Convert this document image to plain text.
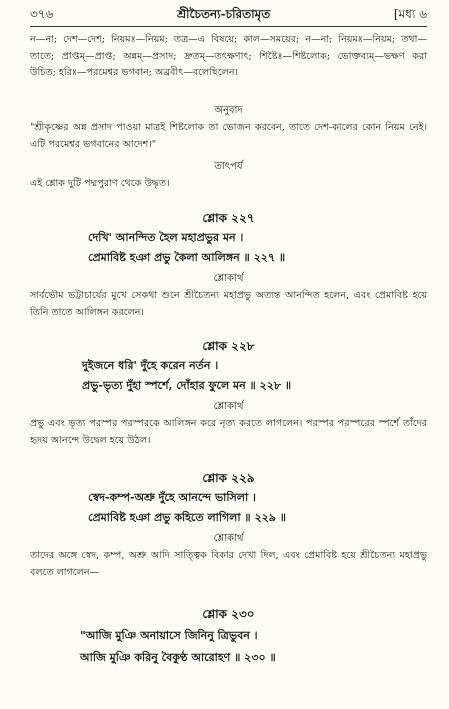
৩৭৬	শ্রীচৈতন্য-চরিতামৃত	[মধ্য ৬
ন—না; দেশ—দেশ; নিয়মঃ—নিয়ম; তত্র—এ বিষয়ে; কাল—সময়ের; ন—না; নিয়মঃ—নিয়ম; তথা—তাতে; প্রাপ্তম্—প্রাপ্ত; অন্নম্—প্রসাদ; দ্রুতম্—তৎক্ষণাৎ; শিষ্টৈঃ—শিষ্টলোক; ভোক্তব্যম্—ভক্ষণ করা উচিত; হরিঃ—পরমেশ্বর ভগবান; অব্রবীৎ—বলেছিলেন।
অনুবাদ
"শ্রীকৃষ্ণের অন্ন প্রসাদ পাওয়া মাত্রই শিষ্টলোক তা ভোজন করবেন, তাতে দেশ-কালের কোন নিয়ম নেই। এটি পরমেশ্বর ভগবানের আদেশ।"
তাৎপর্য
এই শ্লোক দুটি পদ্মপুরাণ থেকে উদ্ধৃত।
শ্লোক ২২৭
দেখি' আনন্দিত হৈল মহাপ্রভুর মন ।
প্রেমাবিষ্ট হঞা প্রভু কৈলা আলিঙ্গন ॥ ২২৭ ॥
শ্লোকার্থ
সার্বভৌম ভট্টাচার্যের মুখে সেকথা শুনে শ্রীচৈতন্য মহাপ্রভু অত্যন্ত আনন্দিত হলেন, এবং প্রেমাবিষ্ট হয়ে তিনি তাতে আলিঙ্গন করলেন।
শ্লোক ২২৮
দুইজনে ধরি' দুঁহে করেন নর্তন ।
প্রভু-ভৃত্য দুঁহা স্পর্শে, দোঁহার ফুলে মন ॥ ২২৮ ॥
শ্লোকার্থ
প্রভু এবং ভৃত্য পরস্পর পরস্পরকে আলিঙ্গন করে নৃত্য করতে লাগলেন। পরস্পর পরস্পরের স্পর্শে তাঁদের হৃদয় আনন্দে উদ্বেল হয়ে উঠল।
শ্লোক ২২৯
স্বেদ-কম্প-অশ্রু দুঁহে আনন্দে ভাসিলা ।
প্রেমাবিষ্ট হঞা প্রভু কহিতে লাগিলা ॥ ২২৯ ॥
শ্লোকার্থ
তাদের অঙ্গে স্বেদ, কম্প, অশ্রু আদি সাত্ত্বিক বিকার দেখা দিল, এবং প্রেমাবিষ্ট হয়ে শ্রীচৈতন্য মহাপ্রভু বলতে লাগলেন—
শ্লোক ২৩০
"আজি মুঞি অনায়াসে জিনিনু ত্রিভুবন ।
আজি মুঞি করিনু বৈকুণ্ঠ আরোহণ ॥ ২৩০ ॥
